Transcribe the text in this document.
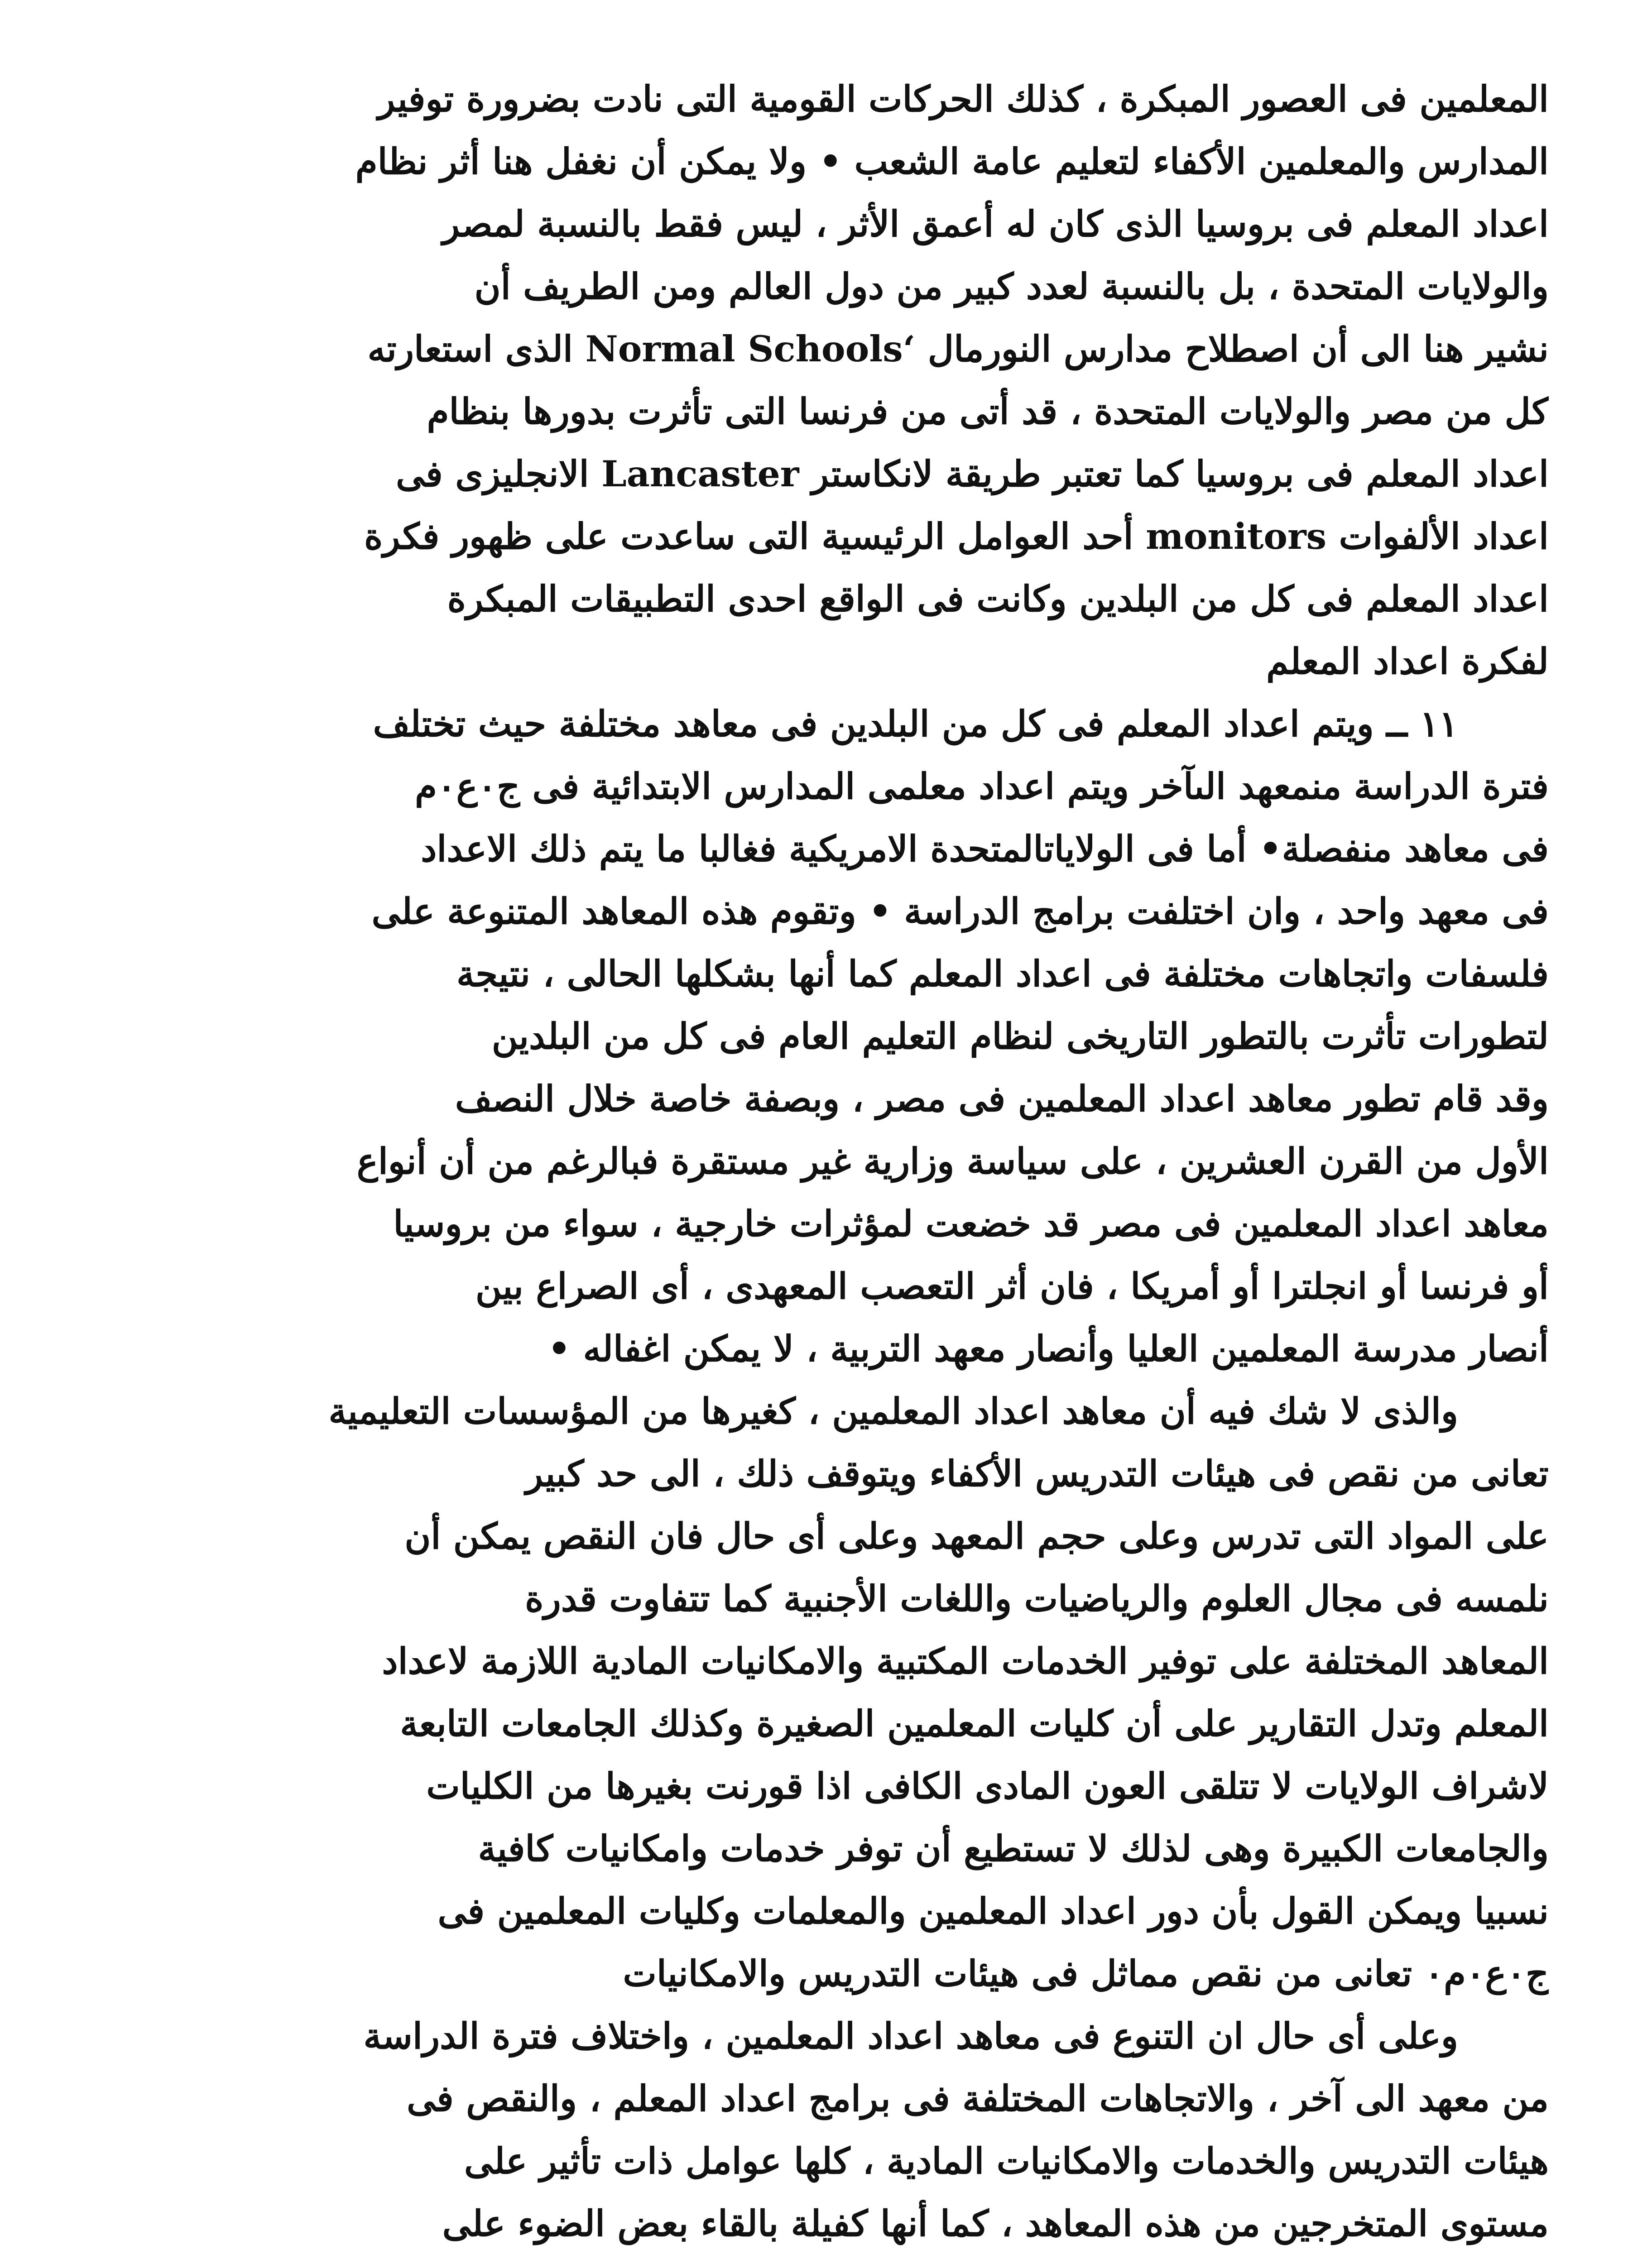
المعلمين فى العصور المبكرة ، كذلك الحركات القومية التى نادت بضرورة توفير
المدارس والمعلمين الأكفاء لتعليم عامة الشعب • ولا يمكن أن نغفل هنا أثر نظام
اعداد المعلم فى بروسيا الذى كان له أعمق الأثر ، ليس فقط بالنسبة لمصر
والولايات المتحدة ، بل بالنسبة لعدد كبير من دول العالم ومن الطريف أن
نشير هنا الى أن اصطلاح مدارس النورمال ‘Normal Schools الذى استعارته
كل من مصر والولايات المتحدة ، قد أتى من فرنسا التى تأثرت بدورها بنظام
اعداد المعلم فى بروسيا كما تعتبر طريقة لانكاستر Lancaster الانجليزى فى
اعداد الألفوات monitors أحد العوامل الرئيسية التى ساعدت على ظهور فكرة
اعداد المعلم فى كل من البلدين وكانت فى الواقع احدى التطبيقات المبكرة
لفكرة اعداد المعلم

١١ ــ ويتم اعداد المعلم فى كل من البلدين فى معاهد مختلفة حيث تختلف
فترة الدراسة منمعهد الىآخر ويتم اعداد معلمى المدارس الابتدائية فى ج٠ع٠م
فى معاهد منفصلة• أما فى الولاياتالمتحدة الامريكية فغالبا ما يتم ذلك الاعداد
فى معهد واحد ، وان اختلفت برامج الدراسة • وتقوم هذه المعاهد المتنوعة على
فلسفات واتجاهات مختلفة فى اعداد المعلم كما أنها بشكلها الحالى ، نتيجة
لتطورات تأثرت بالتطور التاريخى لنظام التعليم العام فى كل من البلدين
وقد قام تطور معاهد اعداد المعلمين فى مصر ، وبصفة خاصة خلال النصف
الأول من القرن العشرين ، على سياسة وزارية غير مستقرة فبالرغم من أن أنواع
معاهد اعداد المعلمين فى مصر قد خضعت لمؤثرات خارجية ، سواء من بروسيا
أو فرنسا أو انجلترا أو أمريكا ، فان أثر التعصب المعهدى ، أى الصراع بين
أنصار مدرسة المعلمين العليا وأنصار معهد التربية ، لا يمكن اغفاله •

والذى لا شك فيه أن معاهد اعداد المعلمين ، كغيرها من المؤسسات التعليمية
تعانى من نقص فى هيئات التدريس الأكفاء ويتوقف ذلك ، الى حد كبير
على المواد التى تدرس وعلى حجم المعهد وعلى أى حال فان النقص يمكن أن
نلمسه فى مجال العلوم والرياضيات واللغات الأجنبية كما تتفاوت قدرة
المعاهد المختلفة على توفير الخدمات المكتبية والامكانيات المادية اللازمة لاعداد
المعلم وتدل التقارير على أن كليات المعلمين الصغيرة وكذلك الجامعات التابعة
لاشراف الولايات لا تتلقى العون المادى الكافى اذا قورنت بغيرها من الكليات
والجامعات الكبيرة وهى لذلك لا تستطيع أن توفر خدمات وامكانيات كافية
نسبيا ويمكن القول بأن دور اعداد المعلمين والمعلمات وكليات المعلمين فى
ج٠ع٠م٠ تعانى من نقص مماثل فى هيئات التدريس والامكانيات

وعلى أى حال ان التنوع فى معاهد اعداد المعلمين ، واختلاف فترة الدراسة
من معهد الى آخر ، والاتجاهات المختلفة فى برامج اعداد المعلم ، والنقص فى
هيئات التدريس والخدمات والامكانيات المادية ، كلها عوامل ذات تأثير على
مستوى المتخرجين من هذه المعاهد ، كما أنها كفيلة بالقاء بعض الضوء على
